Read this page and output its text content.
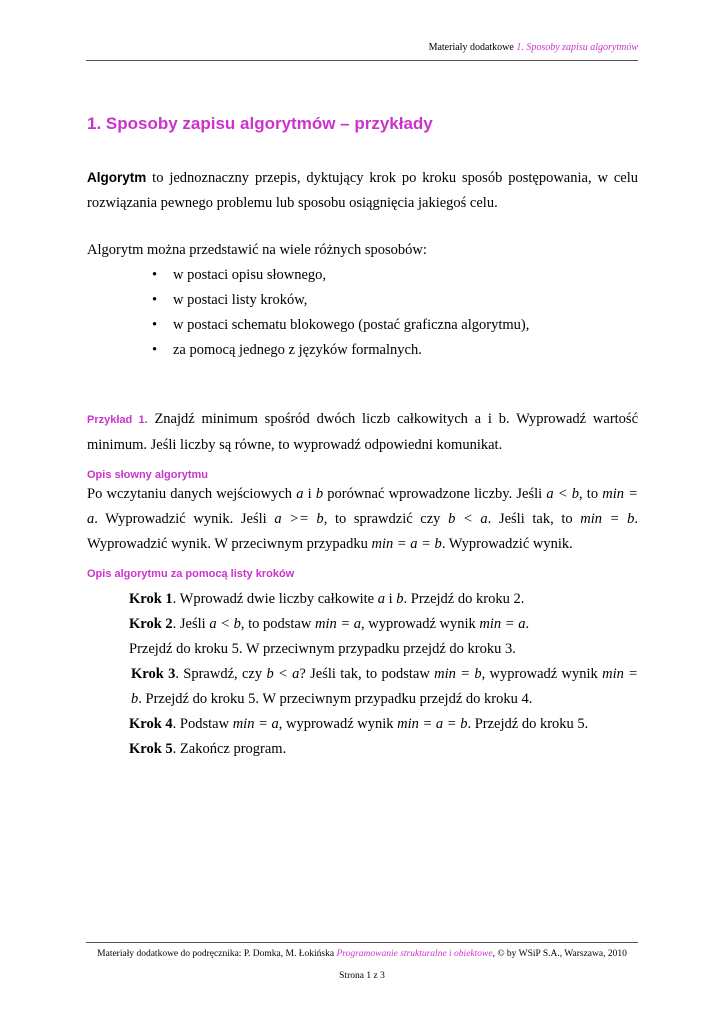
Materiały dodatkowe 1. Sposoby zapisu algorytmów
1. Sposoby zapisu algorytmów – przykłady

Algorytm to jednoznaczny przepis, dyktujący krok po kroku sposób postępowania, w celu rozwiązania pewnego problemu lub sposobu osiągnięcia jakiegoś celu.

Algorytm można przedstawić na wiele różnych sposobów:

• w postaci opisu słownego,
• w postaci listy kroków,
• w postaci schematu blokowego (postać graficzna algorytmu),
• za pomocą jednego z języków formalnych.

Przykład 1. Znajdź minimum spośród dwóch liczb całkowitych a i b. Wyprowadź wartość minimum. Jeśli liczby są równe, to wyprowadź odpowiedni komunikat.

Opis słowny algorytmu

Po wczytaniu danych wejściowych a i b porównać wprowadzone liczby. Jeśli a < b, to min = a. Wyprowadzić wynik. Jeśli a >= b, to sprawdzić czy b < a. Jeśli tak, to min = b. Wyprowadzić wynik. W przeciwnym przypadku min = a = b. Wyprowadzić wynik.

Opis algorytmu za pomocą listy kroków

Krok 1. Wprowadź dwie liczby całkowite a i b. Przejdź do kroku 2.

Krok 2. Jeśli a < b, to podstaw min = a, wyprowadź wynik min = a.

Przejdź do kroku 5. W przeciwnym przypadku przejdź do kroku 3.

Krok 3. Sprawdź, czy b < a? Jeśli tak, to podstaw min = b, wyprowadź wynik min = b. Przejdź do kroku 5. W przeciwnym przypadku przejdź do kroku 4.

Krok 4. Podstaw min = a, wyprowadź wynik min = a = b. Przejdź do kroku 5.

Krok 5. Zakończ program.

Materiały dodatkowe do podręcznika: P. Domka, M. Łokińska Programowanie strukturalne i obiektowe, © by WSiP S.A., Warszawa, 2010
Strona 1 z 3
